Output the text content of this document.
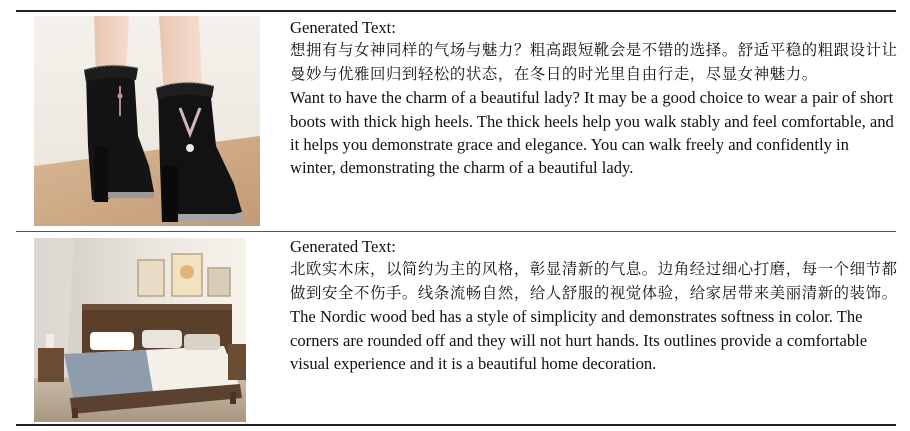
Generated Text:

想拥有与女神同样的气场与魅力？粗高跟短靴会是不错的选择。舒适平稳的粗跟设计让曼妙与优雅回归到轻松的状态，在冬日的时光里自由行走，尽显女神魅力。

Want to have the charm of a beautiful lady? It may be a good choice to wear a pair of short boots with thick high heels. The thick heels help you walk stably and feel comfortable, and it helps you demonstrate grace and elegance. You can walk freely and confidently in winter, demonstrating the charm of a beautiful lady.

Generated Text:

北欧实木床，以简约为主的风格，彰显清新的气息。边角经过细心打磨，每一个细节都做到安全不伤手。线条流畅自然，给人舒服的视觉体验，给家居带来美丽清新的装饰。

The Nordic wood bed has a style of simplicity and demonstrates softness in color. The corners are rounded off and they will not hurt hands. Its outlines provide a comfortable visual experience and it is a beautiful home decoration.
